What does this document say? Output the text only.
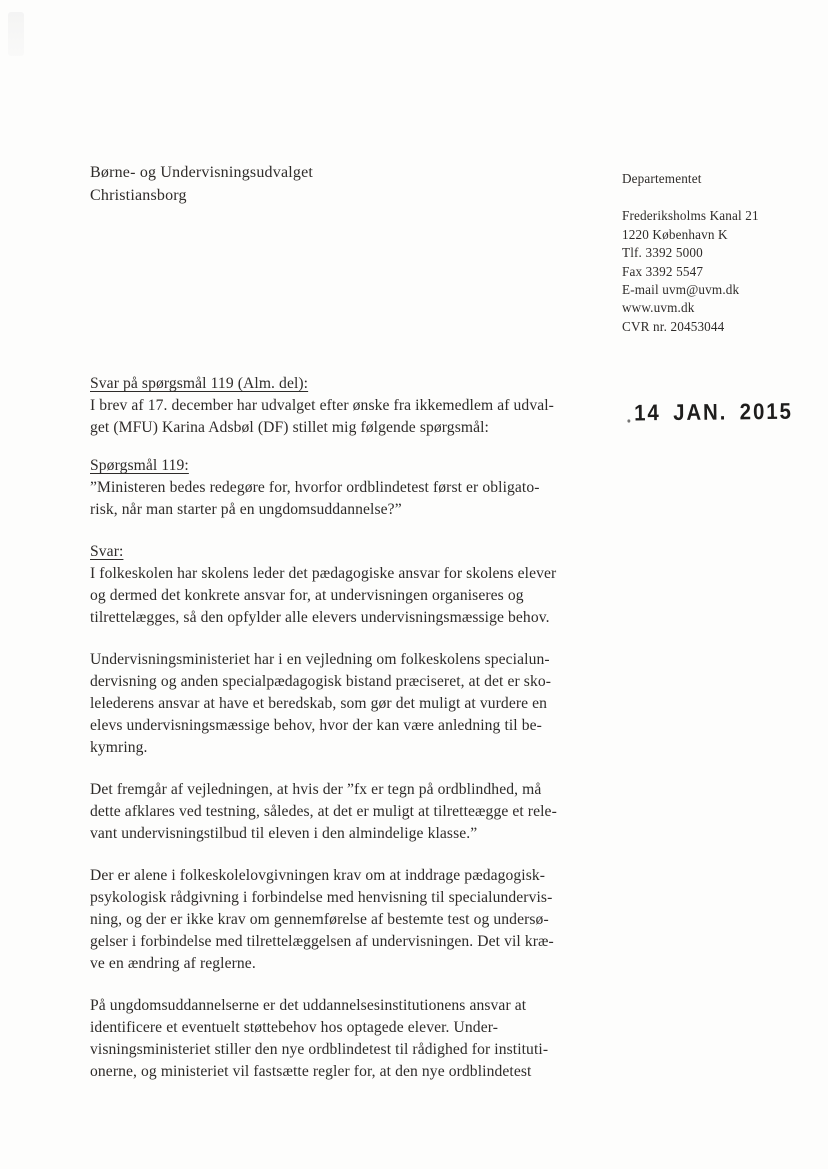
Børne- og Undervisningsudvalget
Christiansborg
Departementet
Frederiksholms Kanal 21
1220 København K
Tlf. 3392 5000
Fax 3392 5547
E-mail uvm@uvm.dk
www.uvm.dk
CVR nr. 20453044
14 JAN. 2015
Svar på spørgsmål 119 (Alm. del):
I brev af 17. december har udvalget efter ønske fra ikkemedlem af udval-
get (MFU) Karina Adsbøl (DF) stillet mig følgende spørgsmål:
Spørgsmål 119:
”Ministeren bedes redegøre for, hvorfor ordblindetest først er obligato-
risk, når man starter på en ungdomsuddannelse?”
Svar:
I folkeskolen har skolens leder det pædagogiske ansvar for skolens elever
og dermed det konkrete ansvar for, at undervisningen organiseres og
tilrettelægges, så den opfylder alle elevers undervisningsmæssige behov.
Undervisningsministeriet har i en vejledning om folkeskolens specialun-
dervisning og anden specialpædagogisk bistand præciseret, at det er sko-
lelederens ansvar at have et beredskab, som gør det muligt at vurdere en
elevs undervisningsmæssige behov, hvor der kan være anledning til be-
kymring.
Det fremgår af vejledningen, at hvis der ”fx er tegn på ordblindhed, må
dette afklares ved testning, således, at det er muligt at tilretteægge et rele-
vant undervisningstilbud til eleven i den almindelige klasse.”
Der er alene i folkeskolelovgivningen krav om at inddrage pædagogisk-
psykologisk rådgivning i forbindelse med henvisning til specialundervis-
ning, og der er ikke krav om gennemførelse af bestemte test og undersø-
gelser i forbindelse med tilrettelæggelsen af undervisningen. Det vil kræ-
ve en ændring af reglerne.
På ungdomsuddannelserne er det uddannelsesinstitutionens ansvar at
identificere et eventuelt støttebehov hos optagede elever. Under-
visningsministeriet stiller den nye ordblindetest til rådighed for instituti-
onerne, og ministeriet vil fastsætte regler for, at den nye ordblindetest
